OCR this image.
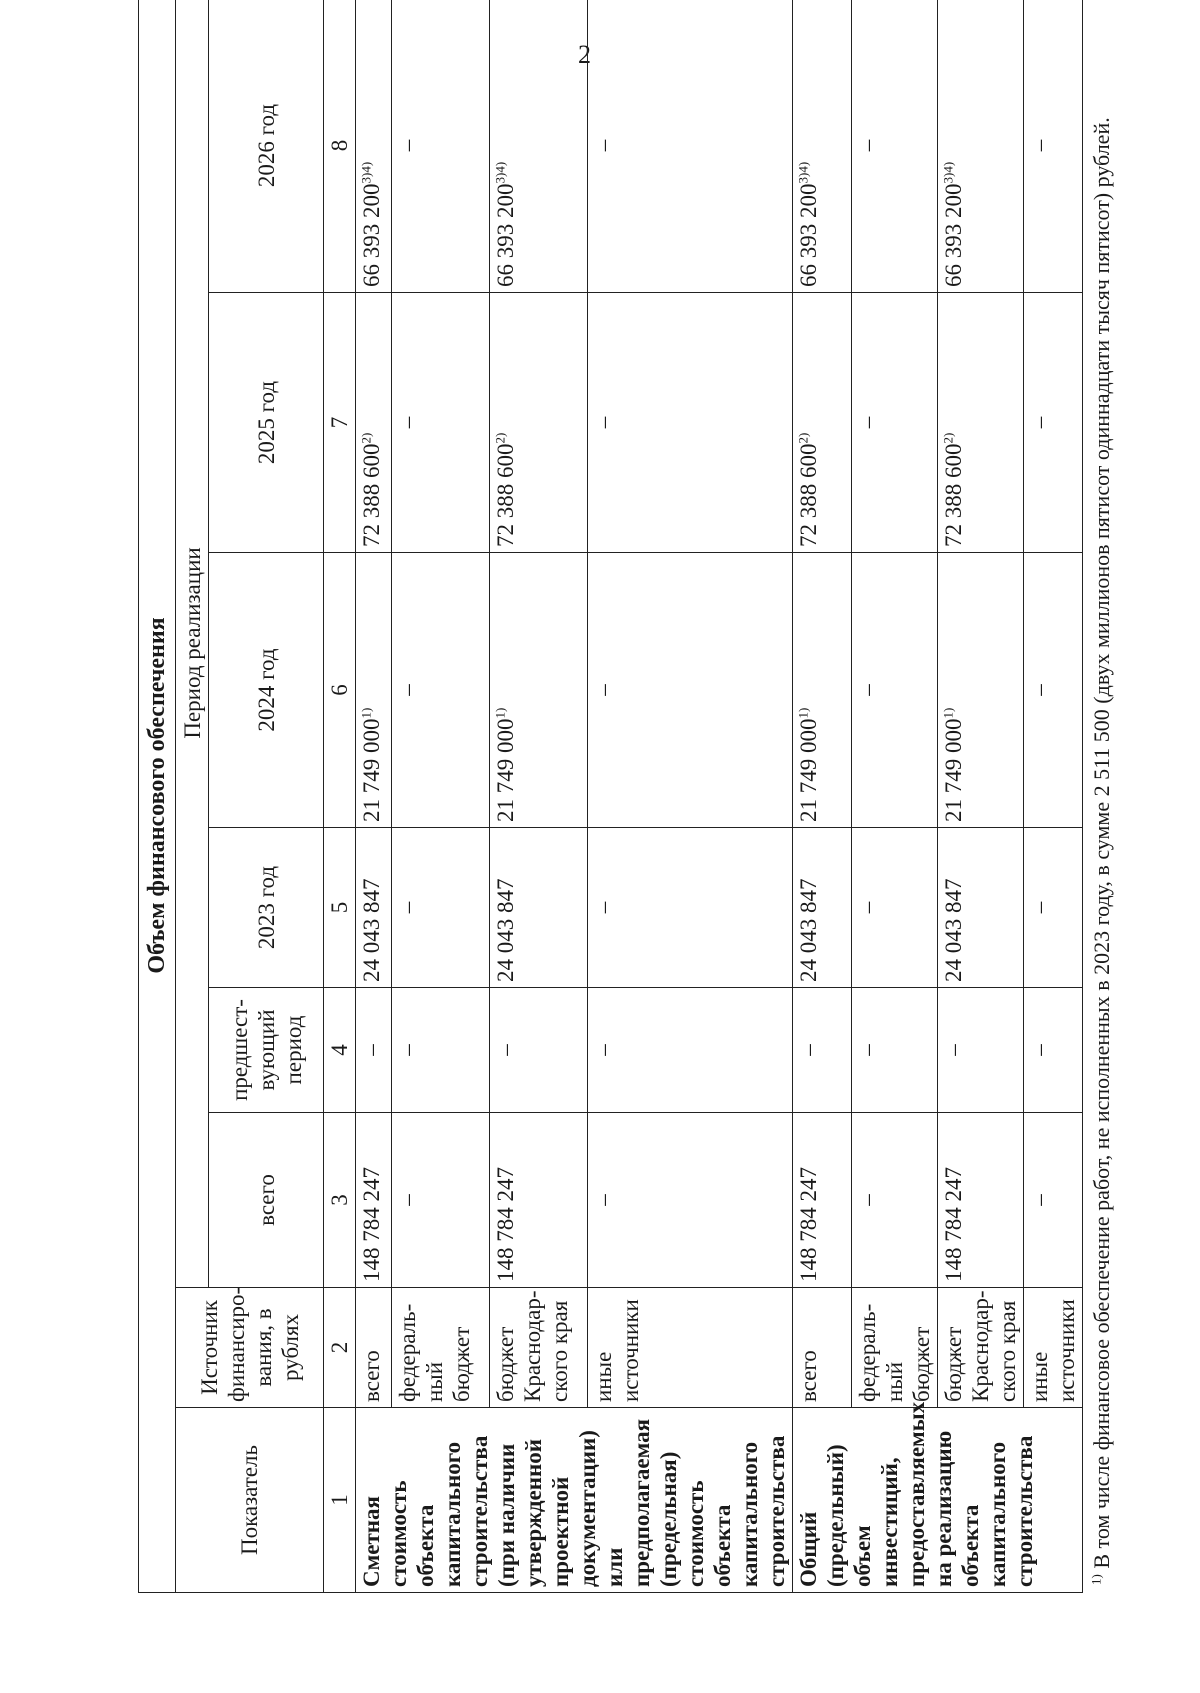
2
Объем финансового обеспечения							
Показатель	Источник финансиро-вания, в рублях	Период реализации					
		всего	предшест-вующий период	2023 год	2024 год	2025 год	2026 год
1	2	3	4	5	6	7	8
Сметная стоимость объекта капитального строительства (при наличии утвержденной проектной документации) или предполагаемая (предельная) стоимость объекта капитального строительства	всего	148 784 247	–	24 043 847	21 749 000$^{1)}$	72 388 600$^{2)}$	66 393 200$^{3)4)}$
	федераль-ный бюджет	–	–	–	–	–	–
	бюджет Краснодар-ского края	148 784 247	–	24 043 847	21 749 000$^{1)}$	72 388 600$^{2)}$	66 393 200$^{3)4)}$
	иные источники	–	–	–	–	–	–
Общий (предельный) объем инвестиций, предоставляемых на реализацию объекта капитального строительства	всего	148 784 247	–	24 043 847	21 749 000$^{1)}$	72 388 600$^{2)}$	66 393 200$^{3)4)}$
	федераль-ный бюджет	–	–	–	–	–	–
	бюджет Краснодар-ского края	148 784 247	–	24 043 847	21 749 000$^{1)}$	72 388 600$^{2)}$	66 393 200$^{3)4)}$
	иные источники	–	–	–	–	–	–
$^{1)}$ В том числе финансовое обеспечение работ, не исполненных в 2023 году, в сумме 2 511 500 (двух миллионов пятисот одиннадцати тысяч пятисот) рублей.
